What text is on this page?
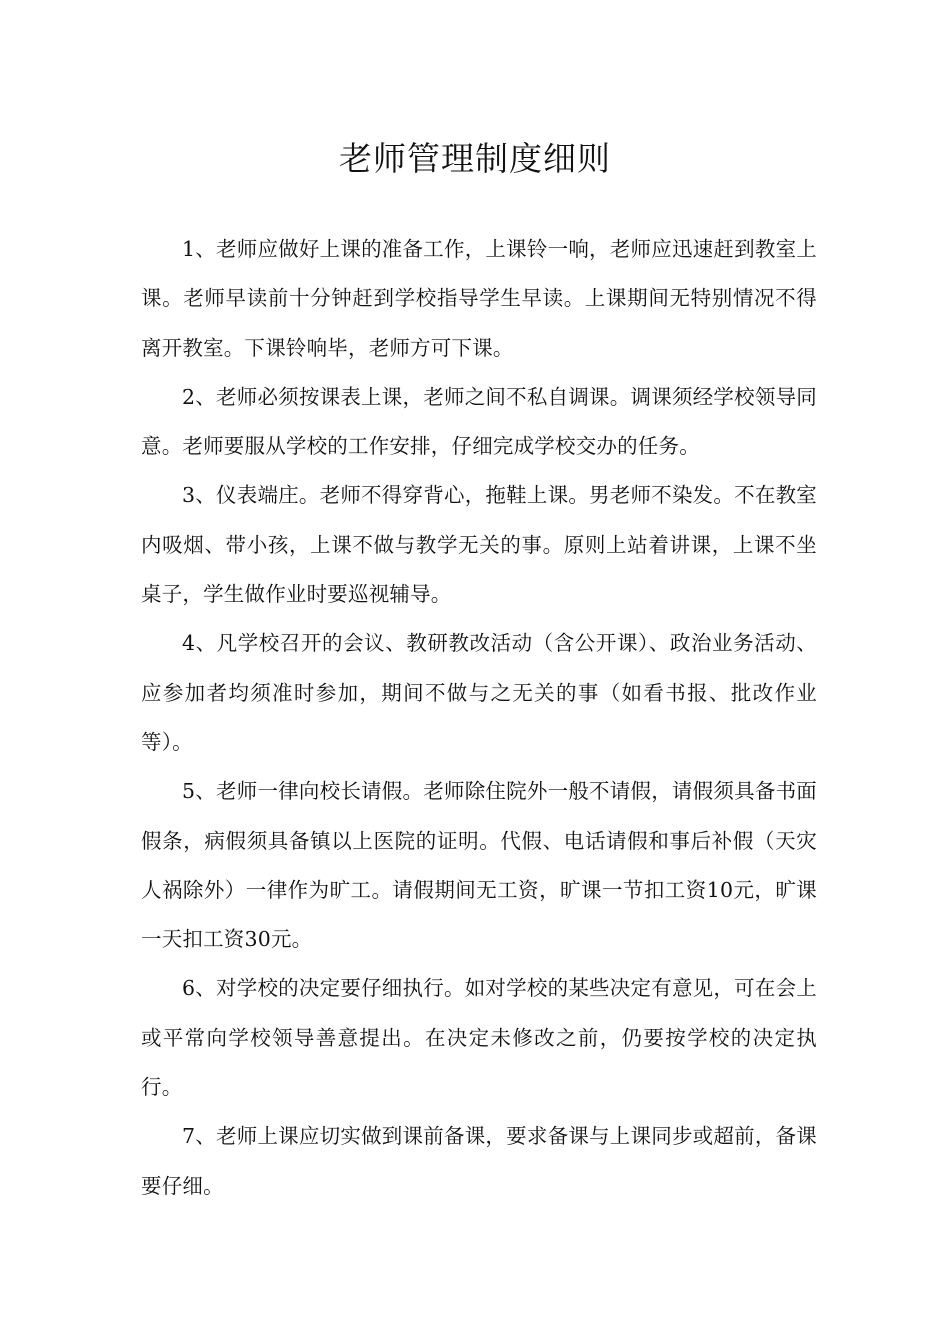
老师管理制度细则

1、老师应做好上课的准备工作，上课铃一响，老师应迅速赶到教室上课。老师早读前十分钟赶到学校指导学生早读。上课期间无特别情况不得离开教室。下课铃响毕，老师方可下课。

2、老师必须按课表上课，老师之间不私自调课。调课须经学校领导同意。老师要服从学校的工作安排，仔细完成学校交办的任务。

3、仪表端庄。老师不得穿背心，拖鞋上课。男老师不染发。不在教室内吸烟、带小孩，上课不做与教学无关的事。原则上站着讲课，上课不坐桌子，学生做作业时要巡视辅导。

4、凡学校召开的会议、教研教改活动（含公开课）、政治业务活动、应参加者均须准时参加，期间不做与之无关的事（如看书报、批改作业等）。

5、老师一律向校长请假。老师除住院外一般不请假，请假须具备书面假条，病假须具备镇以上医院的证明。代假、电话请假和事后补假（天灾人祸除外）一律作为旷工。请假期间无工资，旷课一节扣工资10元，旷课一天扣工资30元。

6、对学校的决定要仔细执行。如对学校的某些决定有意见，可在会上或平常向学校领导善意提出。在决定未修改之前，仍要按学校的决定执行。

7、老师上课应切实做到课前备课，要求备课与上课同步或超前，备课要仔细。
